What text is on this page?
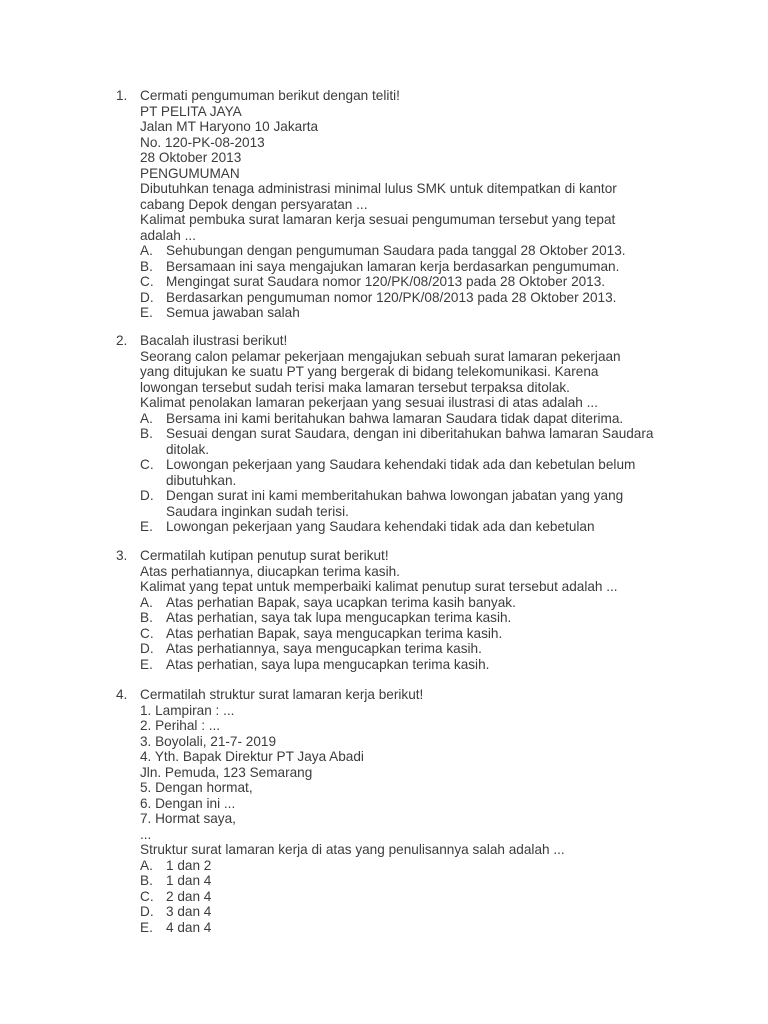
1. Cermati pengumuman berikut dengan teliti!
PT PELITA JAYA
Jalan MT Haryono 10 Jakarta
No. 120-PK-08-2013
28 Oktober 2013
PENGUMUMAN
Dibutuhkan tenaga administrasi minimal lulus SMK untuk ditempatkan di kantor
cabang Depok dengan persyaratan ...
Kalimat pembuka surat lamaran kerja sesuai pengumuman tersebut yang tepat
adalah ...
A. Sehubungan dengan pengumuman Saudara pada tanggal 28 Oktober 2013.
B. Bersamaan ini saya mengajukan lamaran kerja berdasarkan pengumuman.
C. Mengingat surat Saudara nomor 120/PK/08/2013 pada 28 Oktober 2013.
D. Berdasarkan pengumuman nomor 120/PK/08/2013 pada 28 Oktober 2013.
E. Semua jawaban salah
2. Bacalah ilustrasi berikut!
Seorang calon pelamar pekerjaan mengajukan sebuah surat lamaran pekerjaan
yang ditujukan ke suatu PT yang bergerak di bidang telekomunikasi. Karena
lowongan tersebut sudah terisi maka lamaran tersebut terpaksa ditolak.
Kalimat penolakan lamaran pekerjaan yang sesuai ilustrasi di atas adalah ...
A. Bersama ini kami beritahukan bahwa lamaran Saudara tidak dapat diterima.
B. Sesuai dengan surat Saudara, dengan ini diberitahukan bahwa lamaran Saudara
ditolak.
C. Lowongan pekerjaan yang Saudara kehendaki tidak ada dan kebetulan belum
dibutuhkan.
D. Dengan surat ini kami memberitahukan bahwa lowongan jabatan yang yang
Saudara inginkan sudah terisi.
E. Lowongan pekerjaan yang Saudara kehendaki tidak ada dan kebetulan
3. Cermatilah kutipan penutup surat berikut!
Atas perhatiannya, diucapkan terima kasih.
Kalimat yang tepat untuk memperbaiki kalimat penutup surat tersebut adalah ...
A. Atas perhatian Bapak, saya ucapkan terima kasih banyak.
B. Atas perhatian, saya tak lupa mengucapkan terima kasih.
C. Atas perhatian Bapak, saya mengucapkan terima kasih.
D. Atas perhatiannya, saya mengucapkan terima kasih.
E. Atas perhatian, saya lupa mengucapkan terima kasih.
4. Cermatilah struktur surat lamaran kerja berikut!
1. Lampiran : ...
2. Perihal : ...
3. Boyolali, 21-7- 2019
4. Yth. Bapak Direktur PT Jaya Abadi
Jln. Pemuda, 123 Semarang
5. Dengan hormat,
6. Dengan ini ...
7. Hormat saya,
...
Struktur surat lamaran kerja di atas yang penulisannya salah adalah ...
A. 1 dan 2
B. 1 dan 4
C. 2 dan 4
D. 3 dan 4
E. 4 dan 4
